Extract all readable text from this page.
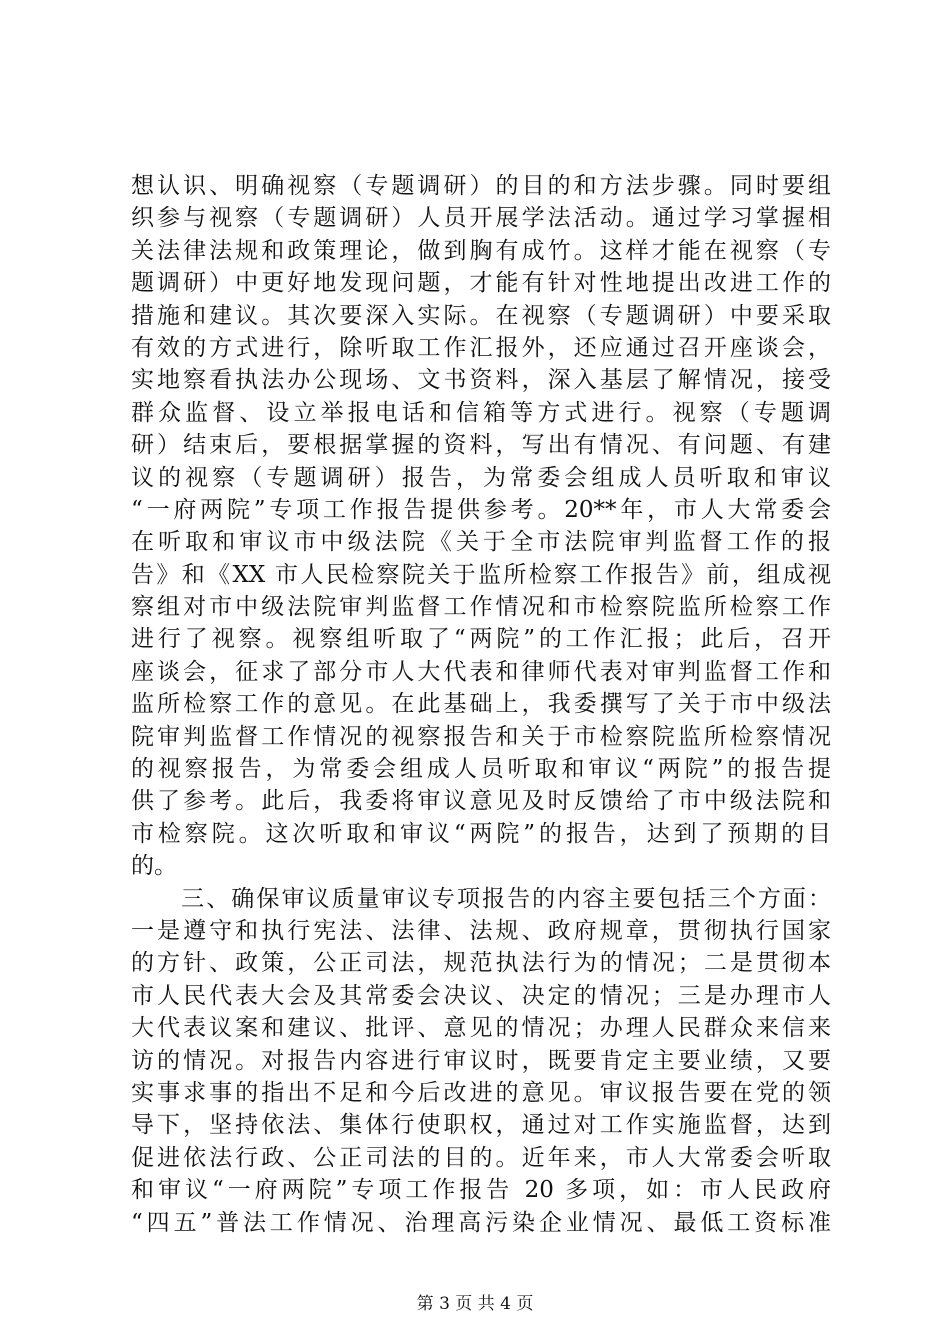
想认识、明确视察（专题调研）的目的和方法步骤。同时要组
织参与视察（专题调研）人员开展学法活动。通过学习掌握相
关法律法规和政策理论，做到胸有成竹。这样才能在视察（专
题调研）中更好地发现问题，才能有针对性地提出改进工作的
措施和建议。其次要深入实际。在视察（专题调研）中要采取
有效的方式进行，除听取工作汇报外，还应通过召开座谈会，
实地察看执法办公现场、文书资料，深入基层了解情况，接受
群众监督、设立举报电话和信箱等方式进行。视察（专题调
研）结束后，要根据掌握的资料，写出有情况、有问题、有建
议的视察（专题调研）报告，为常委会组成人员听取和审议
“一府两院”专项工作报告提供参考。20**年，市人大常委会
在听取和审议市中级法院《关于全市法院审判监督工作的报
告》和《XX 市人民检察院关于监所检察工作报告》前，组成视
察组对市中级法院审判监督工作情况和市检察院监所检察工作
进行了视察。视察组听取了“两院”的工作汇报；此后，召开
座谈会，征求了部分市人大代表和律师代表对审判监督工作和
监所检察工作的意见。在此基础上，我委撰写了关于市中级法
院审判监督工作情况的视察报告和关于市检察院监所检察情况
的视察报告，为常委会组成人员听取和审议“两院”的报告提
供了参考。此后，我委将审议意见及时反馈给了市中级法院和
市检察院。这次听取和审议“两院”的报告，达到了预期的目
的。
　　三、确保审议质量审议专项报告的内容主要包括三个方面：
一是遵守和执行宪法、法律、法规、政府规章，贯彻执行国家
的方针、政策，公正司法，规范执法行为的情况；二是贯彻本
市人民代表大会及其常委会决议、决定的情况；三是办理市人
大代表议案和建议、批评、意见的情况；办理人民群众来信来
访的情况。对报告内容进行审议时，既要肯定主要业绩，又要
实事求事的指出不足和今后改进的意见。审议报告要在党的领
导下，坚持依法、集体行使职权，通过对工作实施监督，达到
促进依法行政、公正司法的目的。近年来，市人大常委会听取
和审议“一府两院”专项工作报告 20 多项，如：市人民政府
“四五”普法工作情况、治理高污染企业情况、最低工资标准
第 3 页 共 4 页
